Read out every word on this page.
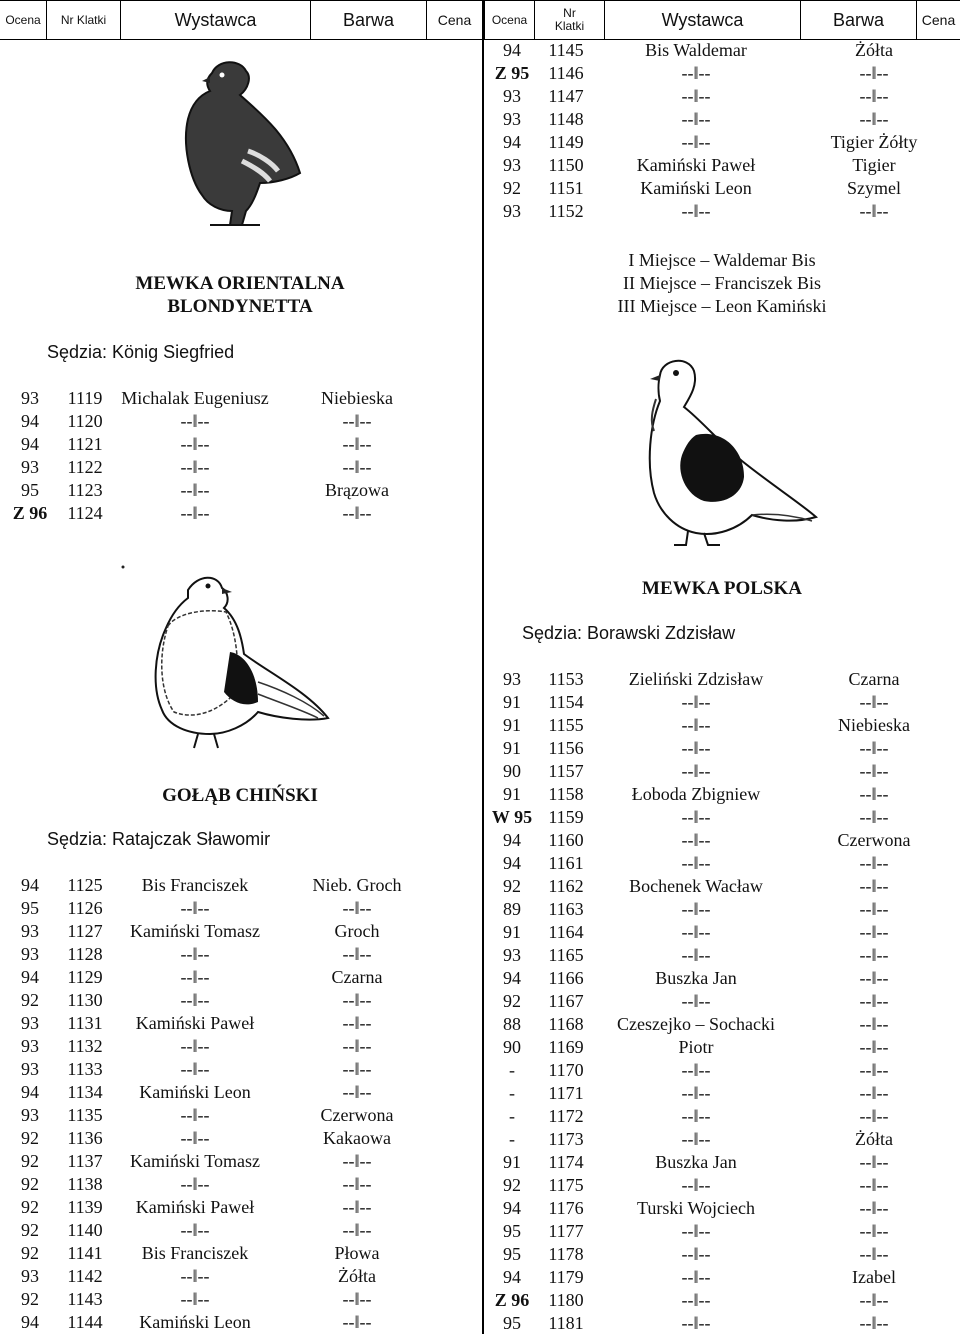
Ocena	Nr Klatki	Wystawca	Barwa	Cena	Ocena	Nr Klatki	Wystawca	Barwa	Cena
MEWKA ORIENTALNA
BLONDYNETTA
Sędzia: König Siegfried
93	1119	Michalak Eugeniusz	Niebieska
94	1120	--‖--	--‖--
94	1121	--‖--	--‖--
93	1122	--‖--	--‖--
95	1123	--‖--	Brązowa
Z 96	1124	--‖--	--‖--
GOŁĄB CHIŃSKI
Sędzia: Ratajczak Sławomir
94	1125	Bis Franciszek	Nieb. Groch
95	1126	--‖--	--‖--
93	1127	Kamiński Tomasz	Groch
93	1128	--‖--	--‖--
94	1129	--‖--	Czarna
92	1130	--‖--	--‖--
93	1131	Kamiński Paweł	--‖--
93	1132	--‖--	--‖--
93	1133	--‖--	--‖--
94	1134	Kamiński Leon	--‖--
93	1135	--‖--	Czerwona
92	1136	--‖--	Kakaowa
92	1137	Kamiński Tomasz	--‖--
92	1138	--‖--	--‖--
92	1139	Kamiński Paweł	--‖--
92	1140	--‖--	--‖--
92	1141	Bis Franciszek	Płowa
93	1142	--‖--	Żółta
92	1143	--‖--	--‖--
94	1144	Kamiński Leon	--‖--
94	1145	Bis Waldemar	Żółta
Z 95	1146	--‖--	--‖--
93	1147	--‖--	--‖--
93	1148	--‖--	--‖--
94	1149	--‖--	Tigier Żółty
93	1150	Kamiński Paweł	Tigier
92	1151	Kamiński Leon	Szymel
93	1152	--‖--	--‖--
I Miejsce – Waldemar Bis
II Miejsce – Franciszek Bis
III Miejsce – Leon Kamiński
MEWKA POLSKA
Sędzia: Borawski Zdzisław
93	1153	Zieliński Zdzisław	Czarna
91	1154	--‖--	--‖--
91	1155	--‖--	Niebieska
91	1156	--‖--	--‖--
90	1157	--‖--	--‖--
91	1158	Łoboda Zbigniew	--‖--
W 95 1159	--‖--	--‖--
94	1160	--‖--	Czerwona
94	1161	--‖--	--‖--
92	1162	Bochenek Wacław	--‖--
89	1163	--‖--	--‖--
91	1164	--‖--	--‖--
93	1165	--‖--	--‖--
94	1166	Buszka Jan	--‖--
92	1167	--‖--	--‖--
88	1168	Czeszejko – Sochacki	--‖--
90	1169	Piotr	--‖--
-	1170	--‖--	--‖--
-	1171	--‖--	--‖--
-	1172	--‖--	--‖--
-	1173	--‖--	Żółta
91	1174	Buszka Jan	--‖--
92	1175	--‖--	--‖--
94	1176	Turski Wojciech	--‖--
95	1177	--‖--	--‖--
95	1178	--‖--	--‖--
94	1179	--‖--	Izabel
Z 96	1180	--‖--	--‖--
95	1181	--‖--	--‖--
